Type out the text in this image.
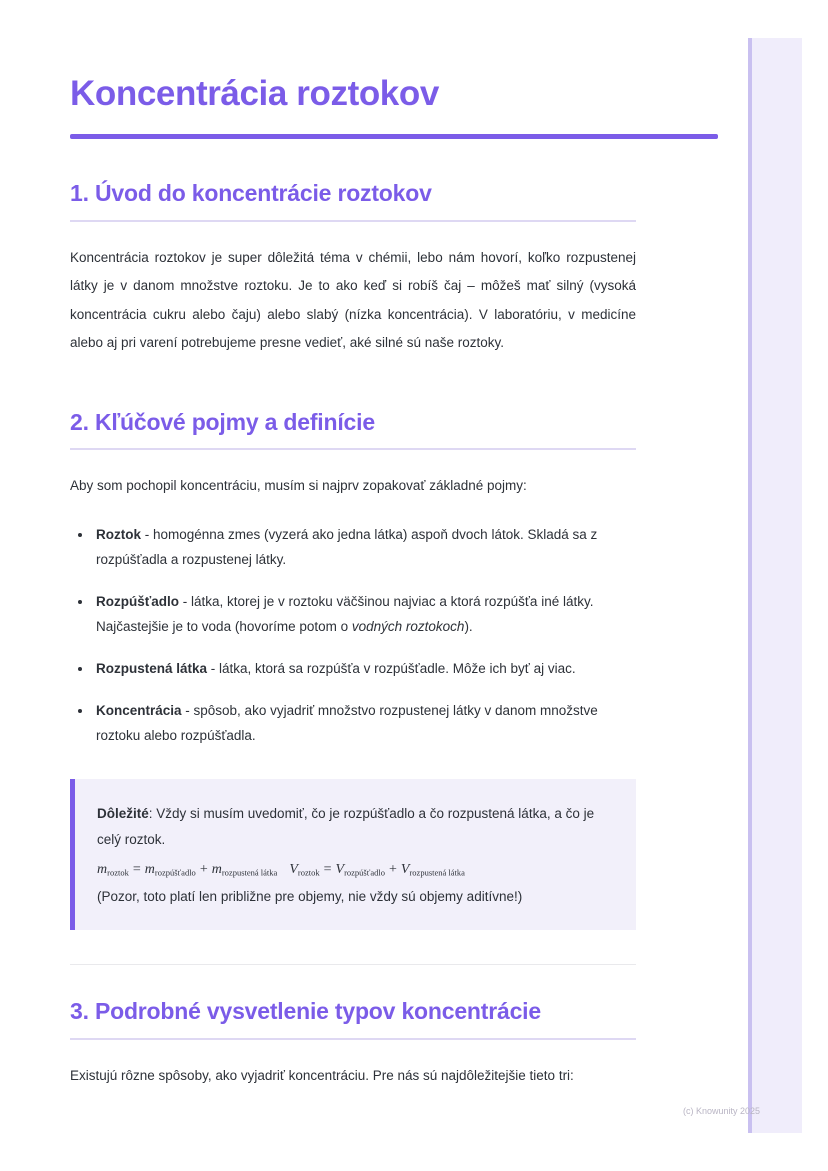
Koncentrácia roztokov
1. Úvod do koncentrácie roztokov

Koncentrácia roztokov je super dôležitá téma v chémii, lebo nám hovorí, koľko rozpustenej látky je v danom množstve roztoku. Je to ako keď si robíš čaj – môžeš mať silný (vysoká koncentrácia cukru alebo čaju) alebo slabý (nízka koncentrácia). V laboratóriu, v medicíne alebo aj pri varení potrebujeme presne vedieť, aké silné sú naše roztoky.

2. Kľúčové pojmy a definície

Aby som pochopil koncentráciu, musím si najprv zopakovať základné pojmy:

Roztok - homogénna zmes (vyzerá ako jedna látka) aspoň dvoch látok. Skladá sa z rozpúšťadla a rozpustenej látky.
Rozpúšťadlo - látka, ktorej je v roztoku väčšinou najviac a ktorá rozpúšťa iné látky. Najčastejšie je to voda (hovoríme potom o vodných roztokoch).
Rozpustená látka - látka, ktorá sa rozpúšťa v rozpúšťadle. Môže ich byť aj viac.
Koncentrácia - spôsob, ako vyjadriť množstvo rozpustenej látky v danom množstve roztoku alebo rozpúšťadla.

Dôležité: Vždy si musím uvedomiť, čo je rozpúšťadlo a čo rozpustená látka, a čo je celý roztok.

$m_{roztok} = m_{rozpúšťadlo} + m_{rozpustená látka}$ $V_{roztok} = V_{rozpúšťadlo} + V_{rozpustená látka}$

(Pozor, toto platí len približne pre objemy, nie vždy sú objemy aditívne!)

3. Podrobné vysvetlenie typov koncentrácie

Existujú rôzne spôsoby, ako vyjadriť koncentráciu. Pre nás sú najdôležitejšie tieto tri:

(c) Knowunity 2025
